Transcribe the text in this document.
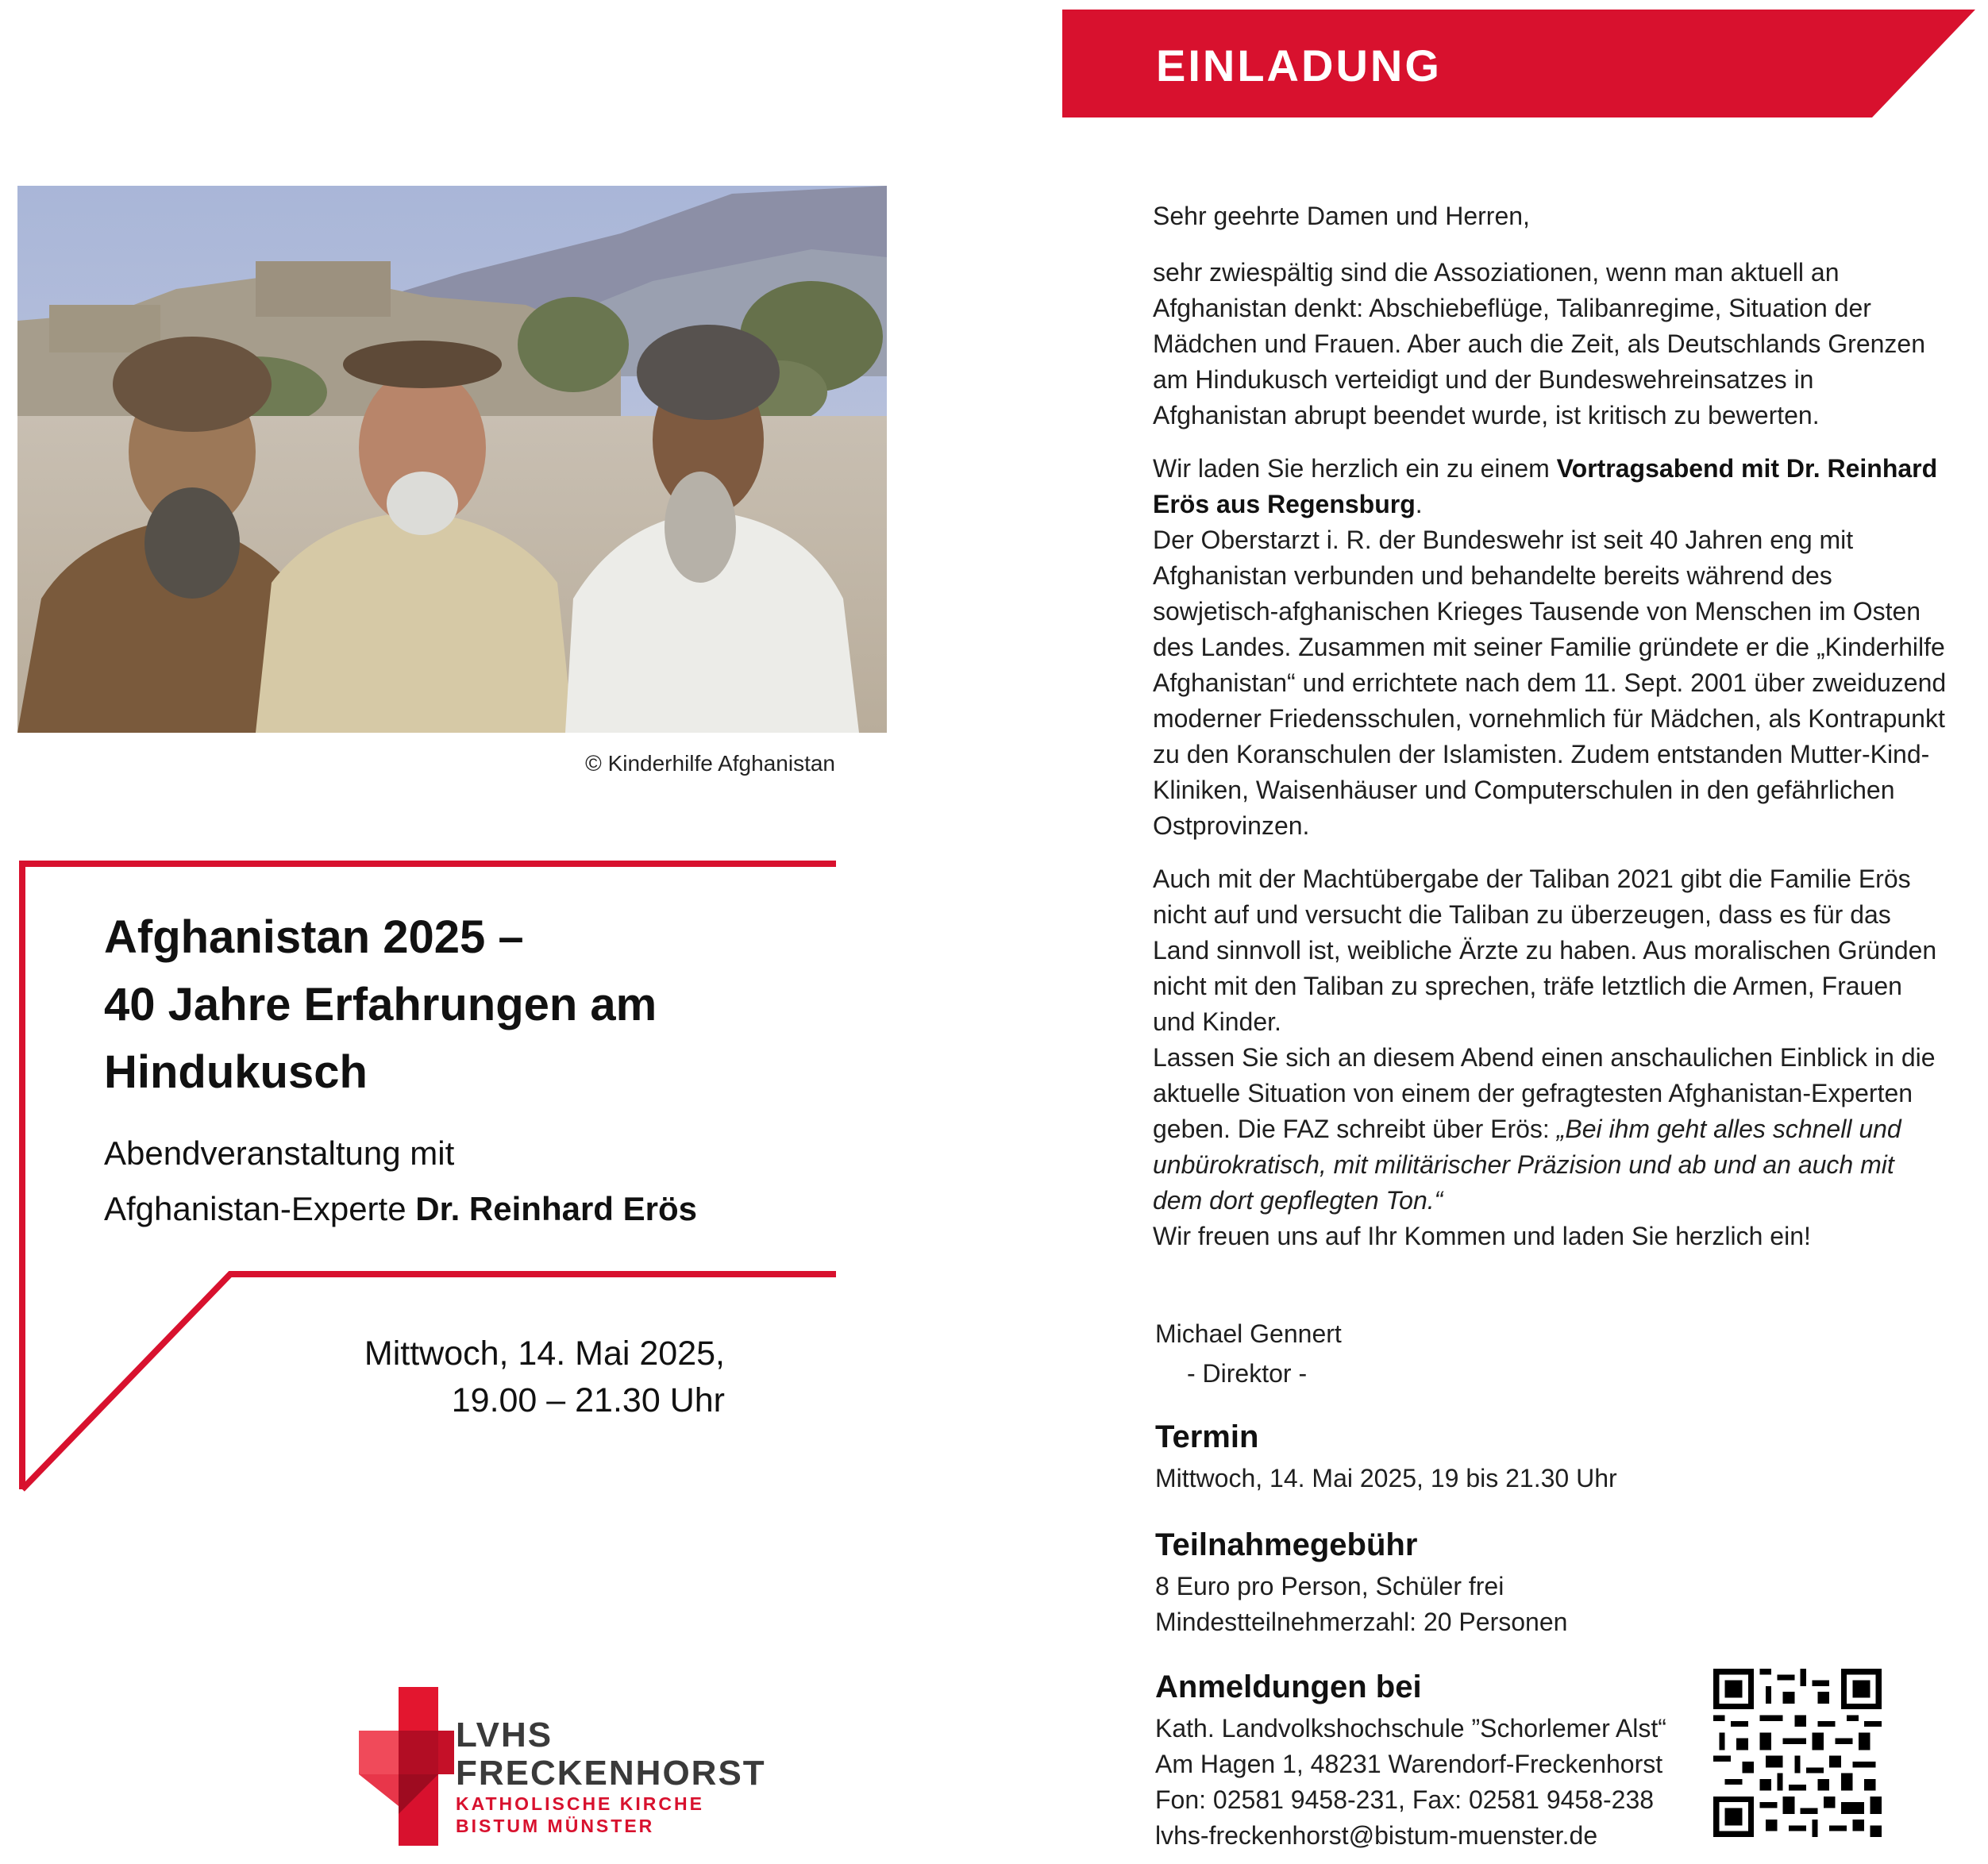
© Kinderhilfe Afghanistan
Afghanistan 2025 –
40 Jahre Erfahrungen am
Hindukusch
Abendveranstaltung mit
Afghanistan-Experte Dr. Reinhard Erös
Mittwoch, 14. Mai 2025,
19.00 – 21.30 Uhr
LVHS
FRECKENHORST
KATHOLISCHE KIRCHE
BISTUM MÜNSTER
EINLADUNG

Sehr geehrte Damen und Herren,

sehr zwiespältig sind die Assoziationen, wenn man aktuell an Afghanistan denkt: Abschiebeflüge, Talibanregime, Situation der Mädchen und Frauen. Aber auch die Zeit, als Deutschlands Grenzen am Hindukusch verteidigt und der Bundeswehreinsatzes in Afghanistan abrupt beendet wurde, ist kritisch zu bewerten.

Wir laden Sie herzlich ein zu einem Vortragsabend mit Dr. Reinhard Erös aus Regensburg.

Der Oberstarzt i. R. der Bundeswehr ist seit 40 Jahren eng mit Afghanistan verbunden und behandelte bereits während des sowjetisch-afghanischen Krieges Tausende von Menschen im Osten des Landes. Zusammen mit seiner Familie gründete er die „Kinderhilfe Afghanistan“ und errichtete nach dem 11. Sept. 2001 über zweiduzend moderner Friedensschulen, vornehmlich für Mädchen, als Kontrapunkt zu den Koranschulen der Islamisten. Zudem entstanden Mutter-Kind-Kliniken, Waisenhäuser und Computerschulen in den gefährlichen Ostprovinzen.

Auch mit der Machtübergabe der Taliban 2021 gibt die Familie Erös nicht auf und versucht die Taliban zu überzeugen, dass es für das Land sinnvoll ist, weibliche Ärzte zu haben. Aus moralischen Gründen nicht mit den Taliban zu sprechen, träfe letztlich die Armen, Frauen und Kinder.

Lassen Sie sich an diesem Abend einen anschaulichen Einblick in die aktuelle Situation von einem der gefragtesten Afghanistan-Experten geben. Die FAZ schreibt über Erös: „Bei ihm geht alles schnell und unbürokratisch, mit militärischer Präzision und ab und an auch mit dem dort gepflegten Ton.“

Wir freuen uns auf Ihr Kommen und laden Sie herzlich ein!

Michael Gennert
- Direktor -
Termin
Mittwoch, 14. Mai 2025, 19 bis 21.30 Uhr
Teilnahmegebühr
8 Euro pro Person, Schüler frei
Mindestteilnehmerzahl: 20 Personen
Anmeldungen bei
Kath. Landvolkshochschule ”Schorlemer Alst“
Am Hagen 1, 48231 Warendorf-Freckenhorst
Fon: 02581 9458-231, Fax: 02581 9458-238
lvhs-freckenhorst@bistum-muenster.de
